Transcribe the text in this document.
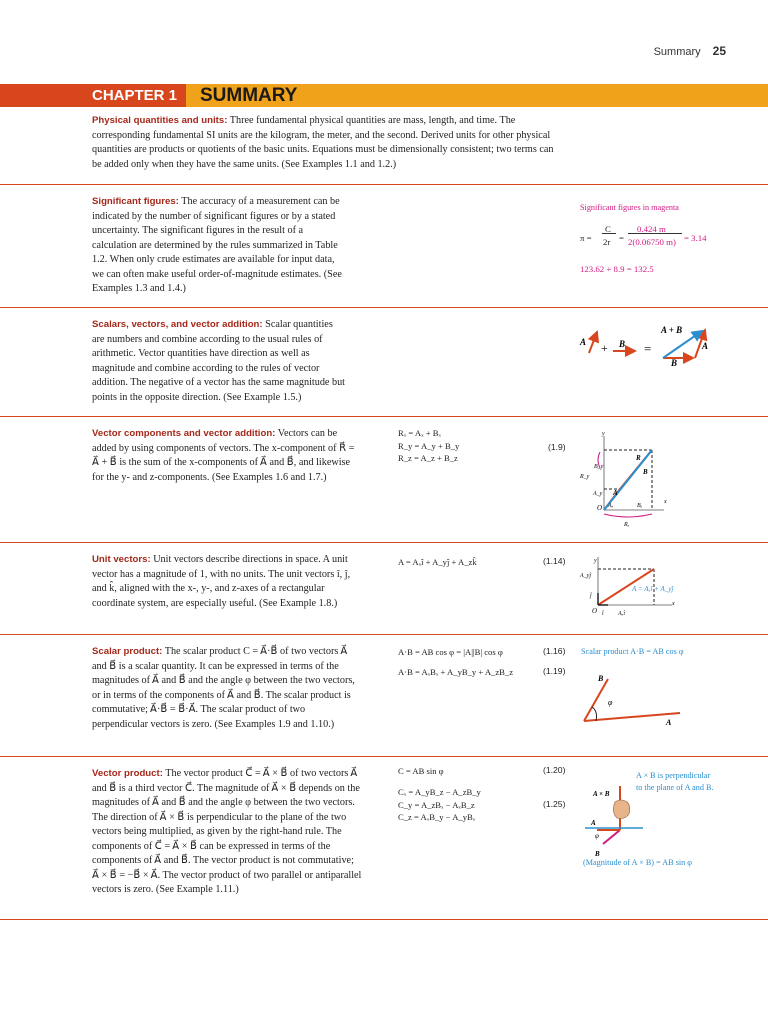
Summary 25
CHAPTER 1 SUMMARY
Physical quantities and units: Three fundamental physical quantities are mass, length, and time. The corresponding fundamental SI units are the kilogram, the meter, and the second. Derived units for other physical quantities are products or quotients of the basic units. Equations must be dimensionally consistent; two terms can be added only when they have the same units. (See Examples 1.1 and 1.2.)
Significant figures: The accuracy of a measurement can be indicated by the number of significant figures or by a stated uncertainty. The significant figures in the result of a calculation are determined by the rules summarized in Table 1.2. When only crude estimates are available for input data, we can often make useful order-of-magnitude estimates. (See Examples 1.3 and 1.4.)
Significant figures in magenta
π =
C
2r =
0.424 m
2(0.06750 m) = 3.14
123.62 + 8.9 = 132.5
Scalars, vectors, and vector addition: Scalar quantities are numbers and combine according to the usual rules of arithmetic. Vector quantities have direction as well as magnitude and combine according to the rules of vector addition. The negative of a vector has the same magnitude but points in the opposite direction. (See Example 1.5.)
A + B =
A + B
A
B
Vector components and vector addition: Vectors can be added by using components of vectors. The x-component of R⃗ = A⃗ + B⃗ is the sum of the x-components of A⃗ and B⃗, and likewise for the y- and z-components. (See Examples 1.6 and 1.7.)
Rₓ = Aₓ + Bₓ
R_y = A_y + B_y
R_z = A_z + B_z
(1.9)
y
x
O
R
B
A
B_y
R_y
A_y
Aₓ	Bₓ
Rₓ
Unit vectors: Unit vectors describe directions in space. A unit vector has a magnitude of 1, with no units. The unit vectors î, ĵ, and k̂, aligned with the x-, y-, and z-axes of a rectangular coordinate system, are especially useful. (See Example 1.8.)
A = Aₓî + A_yĵ + A_zk̂	(1.14)	y
x
O
A_yĵ
ĵ
î Aₓî
A = Aₓî + A_yĵ
Scalar product: The scalar product C = A⃗·B⃗ of two vectors A⃗ and B⃗ is a scalar quantity. It can be expressed in terms of the magnitudes of A⃗ and B⃗ and the angle φ between the two vectors, or in terms of the components of A⃗ and B⃗. The scalar product is commutative; A⃗·B⃗ = B⃗·A⃗. The scalar product of two perpendicular vectors is zero. (See Examples 1.9 and 1.10.)
A·B = AB cos φ = |A||B| cos φ	(1.16)
A·B = AₓBₓ + A_yB_y + A_zB_z	(1.19)
Scalar product A·B = AB cos φ
B
A
φ
Vector product: The vector product C⃗ = A⃗ × B⃗ of two vectors A⃗ and B⃗ is a third vector C⃗. The magnitude of A⃗ × B⃗ depends on the magnitudes of A⃗ and B⃗ and the angle φ between the two vectors. The direction of A⃗ × B⃗ is perpendicular to the plane of the two vectors being multiplied, as given by the right-hand rule. The components of C⃗ = A⃗ × B⃗ can be expressed in terms of the components of A⃗ and B⃗. The vector product is not commutative; A⃗ × B⃗ = −B⃗ × A⃗. The vector product of two parallel or antiparallel vectors is zero. (See Example 1.11.)
C = AB sin φ	(1.20)
Cₓ = A_yB_z − A_zB_y
C_y = A_zBₓ − AₓB_z
C_z = AₓB_y − A_yBₓ
(1.25)
A × B is perpendicular
to the plane of A and B.
A × B
A
B
φ
(Magnitude of A × B) = AB sin φ
